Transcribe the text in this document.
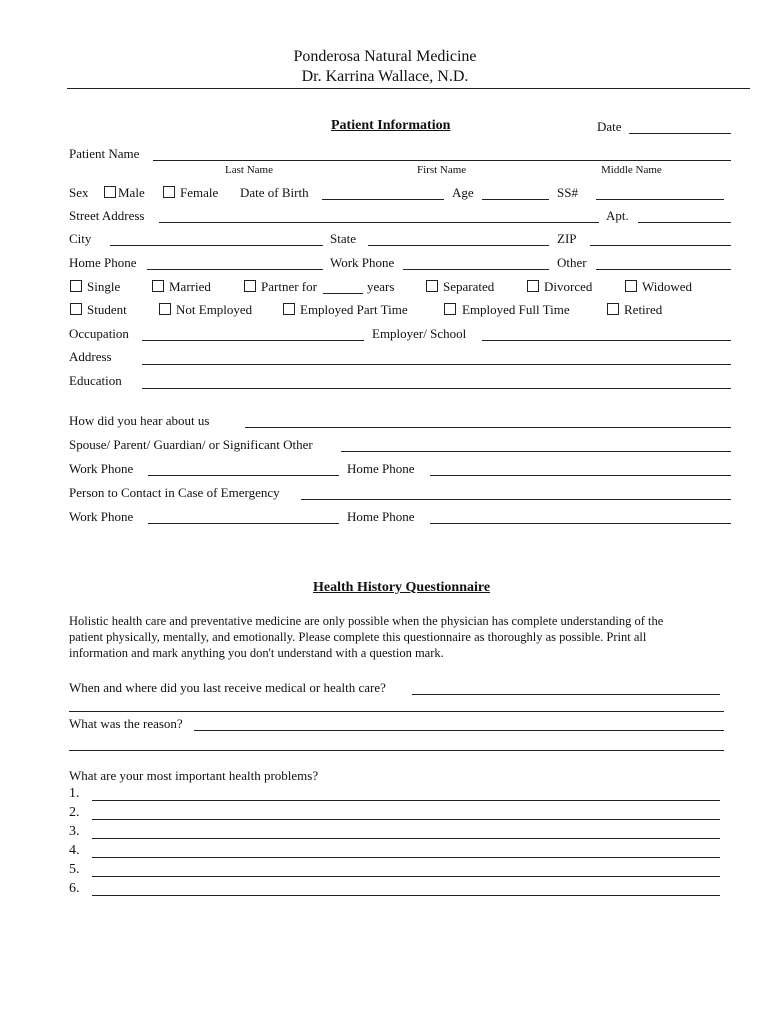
Ponderosa Natural Medicine
Dr. Karrina Wallace, N.D.
Patient Information	Date
Patient Name
Last Name	First Name	Middle Name
Sex Male	Female Date of Birth	Age	SS#
Street Address	Apt.
City	State	ZIP
Home Phone	Work Phone	Other
Single	Married	Partner for	years	Separated	Divorced	Widowed
Student	Not Employed	Employed Part Time	Employed Full Time	Retired
Occupation	Employer/ School
Address
Education
How did you hear about us
Spouse/ Parent/ Guardian/ or Significant Other
Work Phone	Home Phone
Person to Contact in Case of Emergency
Work Phone	Home Phone
Health History Questionnaire
Holistic health care and preventative medicine are only possible when the physician has complete understanding of the
patient physically, mentally, and emotionally. Please complete this questionnaire as thoroughly as possible. Print all
information and mark anything you don't understand with a question mark.
When and where did you last receive medical or health care?
What was the reason?
What are your most important health problems?
1.
2.
3.
4.
5.
6.
